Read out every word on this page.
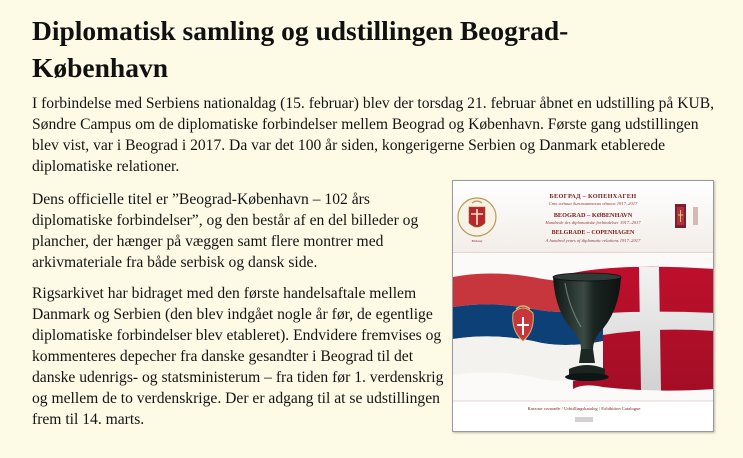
Diplomatisk samling og udstillingen Beograd-
København

I forbindelse med Serbiens nationaldag (15. februar) blev der torsdag 21. februar åbnet en udstilling på KUB, Søndre Campus om de diplomatiske forbindelser mellem Beograd og København. Første gang udstillingen blev vist, var i Beograd i 2017. Da var det 100 år siden, kongerigerne Serbien og Danmark etablerede diplomatiske relationer.

Dens officielle titel er ”Beograd-København – 102 års diplomatiske forbindelser”, og den består af en del billeder og plancher, der hænger på væggen samt flere montrer med arkivmateriale fra både serbisk og dansk side.

Rigsarkivet har bidraget med den første handelsaftale mellem Danmark og Serbien (den blev indgået nogle år før, de egentlige diplomatiske forbindelser blev etableret). Endvidere fremvises og kommenteres depecher fra danske gesandter i Beograd til det danske udenrigs- og statsministerum – fra tiden før 1. verdenskrig og mellem de to verdenskrige. Der er adgang til at se udstillingen frem til 14. marts.

Embassy
БЕОГРАД – КОПЕНХАГЕН
Сто година дипломатских односа 1917–2017
BEOGRAD – KØBENHAVN
Hundrede års diplomatiske forbindelser 1917–2017
BELGRADE – COPENHAGEN
A hundred years of diplomatic relations 1917–2017
Каталог изложбе / Udstillingskatalog / Exhibition Catalogue
